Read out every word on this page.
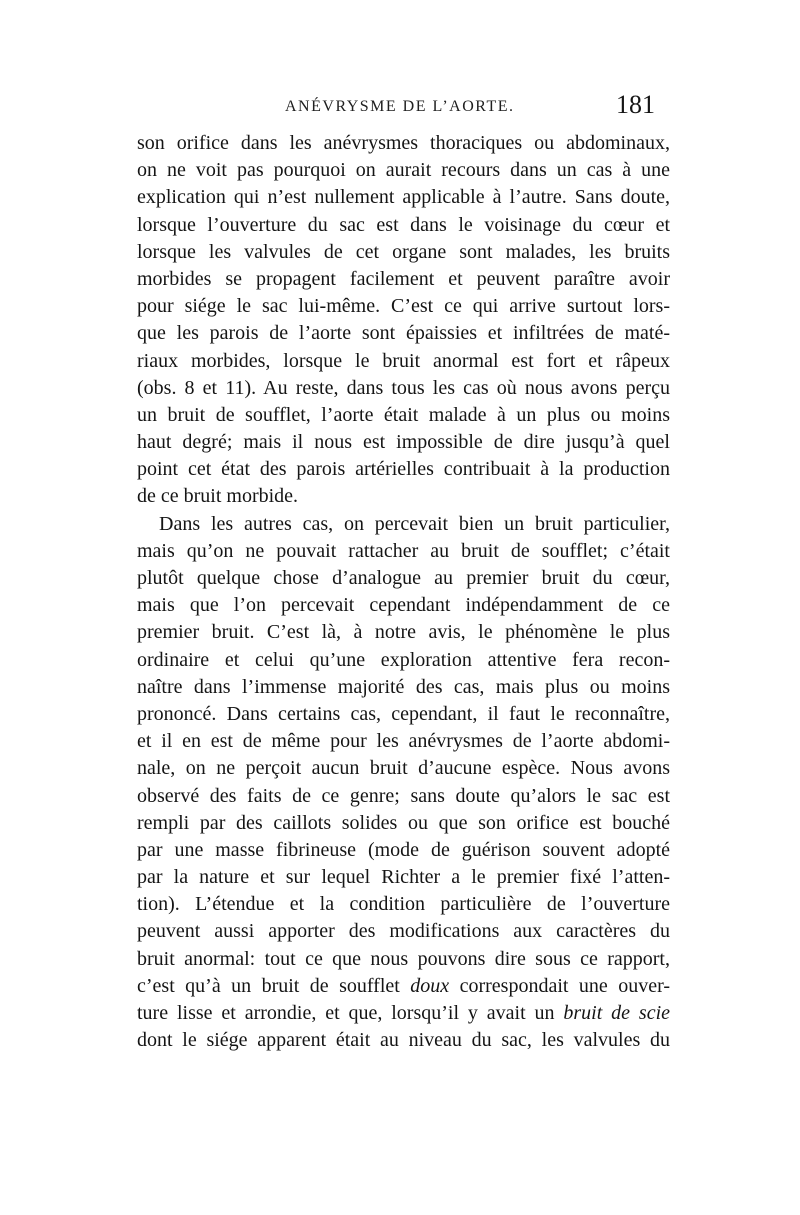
ANÉVRYSME DE L’AORTE.	181
son orifice dans les anévrysmes thoraciques ou abdominaux,
on ne voit pas pourquoi on aurait recours dans un cas à une
explication qui n’est nullement applicable à l’autre. Sans doute,
lorsque l’ouverture du sac est dans le voisinage du cœur et
lorsque les valvules de cet organe sont malades, les bruits
morbides se propagent facilement et peuvent paraître avoir
pour siége le sac lui-même. C’est ce qui arrive surtout lors-
que les parois de l’aorte sont épaissies et infiltrées de maté-
riaux morbides, lorsque le bruit anormal est fort et râpeux
(obs. 8 et 11). Au reste, dans tous les cas où nous avons perçu
un bruit de soufflet, l’aorte était malade à un plus ou moins
haut degré; mais il nous est impossible de dire jusqu’à quel
point cet état des parois artérielles contribuait à la production
de ce bruit morbide.
Dans les autres cas, on percevait bien un bruit particulier,
mais qu’on ne pouvait rattacher au bruit de soufflet; c’était
plutôt quelque chose d’analogue au premier bruit du cœur,
mais que l’on percevait cependant indépendamment de ce
premier bruit. C’est là, à notre avis, le phénomène le plus
ordinaire et celui qu’une exploration attentive fera recon-
naître dans l’immense majorité des cas, mais plus ou moins
prononcé. Dans certains cas, cependant, il faut le reconnaître,
et il en est de même pour les anévrysmes de l’aorte abdomi-
nale, on ne perçoit aucun bruit d’aucune espèce. Nous avons
observé des faits de ce genre; sans doute qu’alors le sac est
rempli par des caillots solides ou que son orifice est bouché
par une masse fibrineuse (mode de guérison souvent adopté
par la nature et sur lequel Richter a le premier fixé l’atten-
tion). L’étendue et la condition particulière de l’ouverture
peuvent aussi apporter des modifications aux caractères du
bruit anormal: tout ce que nous pouvons dire sous ce rapport,
c’est qu’à un bruit de soufflet doux correspondait une ouver-
ture lisse et arrondie, et que, lorsqu’il y avait un bruit de scie
dont le siége apparent était au niveau du sac, les valvules du
